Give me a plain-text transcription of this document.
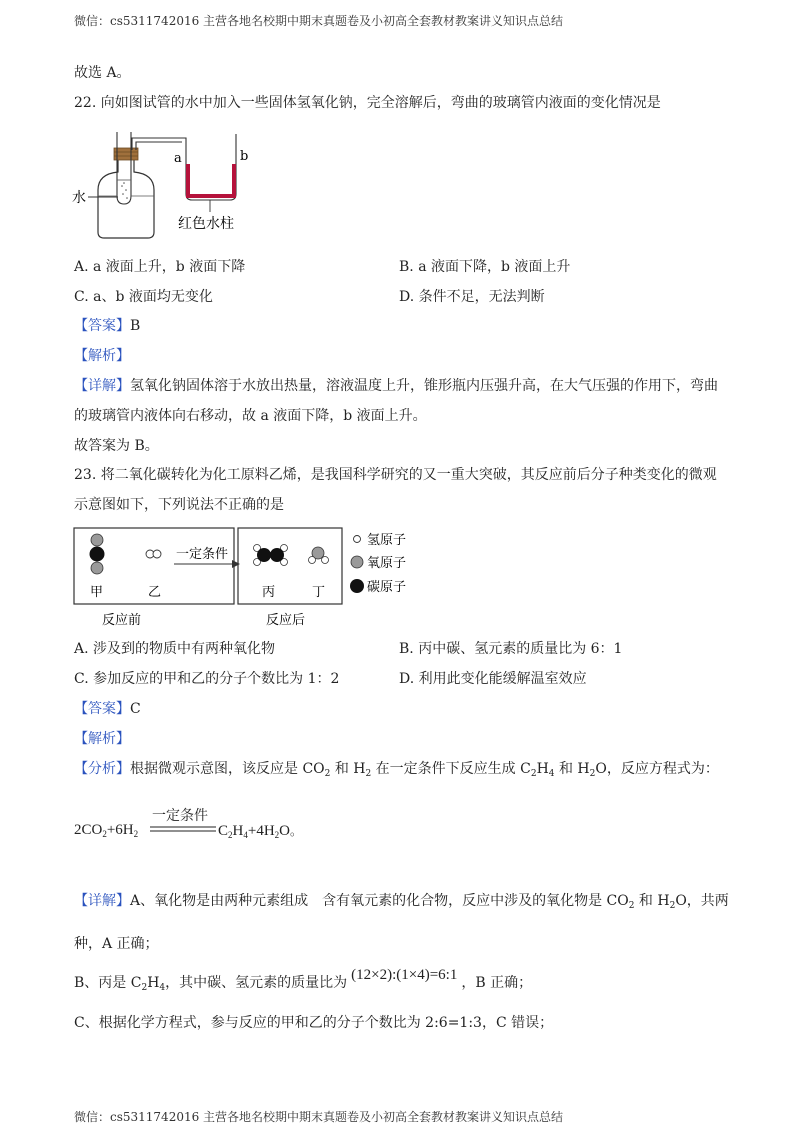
微信：cs5311742016 主营各地名校期中期末真题卷及小初高全套教材教案讲义知识点总结
故选 A。
22. 向如图试管的水中加入一些固体氢氧化钠，完全溶解后，弯曲的玻璃管内液面的变化情况是
水
a	b
红色水柱
A. a 液面上升，b 液面下降	B. a 液面下降，b 液面上升
C. a、b 液面均无变化	D. 条件不足，无法判断
【答案】B
【解析】
【详解】氢氧化钠固体溶于水放出热量，溶液温度上升，锥形瓶内压强升高，在大气压强的作用下，弯曲
的玻璃管内液体向右移动，故 a 液面下降，b 液面上升。
故答案为 B。
23. 将二氧化碳转化为化工原料乙烯，是我国科学研究的又一重大突破，其反应前后分子种类变化的微观
示意图如下，下列说法不正确的是
甲	乙
一定条件
丙	丁
反应前	反应后
氢原子
氧原子
碳原子
A. 涉及到的物质中有两种氧化物	B. 丙中碳、氢元素的质量比为 6：1
C. 参加反应的甲和乙的分子个数比为 1：2	D. 利用此变化能缓解温室效应
【答案】C
【解析】
【分析】根据微观示意图，该反应是 $CO_2$ 和 $H_2$ 在一定条件下反应生成 $C_2H_4$ 和 $H_2O$，反应方程式为：
$2CO_2+6H_2$
一定条件
$C_2H_4+4H_2O$。
【详解】A、氧化物是由两种元素组成　含有氧元素的化合物，反应中涉及的氧化物是 $CO_2$ 和 $H_2O$，共两
种，A 正确；
B、丙是 $C_2H_4$，其中碳、氢元素的质量比为 (12×2):(1×4)=6:1 ，B 正确；
C、根据化学方程式，参与反应的甲和乙的分子个数比为 2:6=1:3，C 错误；
微信：cs5311742016 主营各地名校期中期末真题卷及小初高全套教材教案讲义知识点总结
